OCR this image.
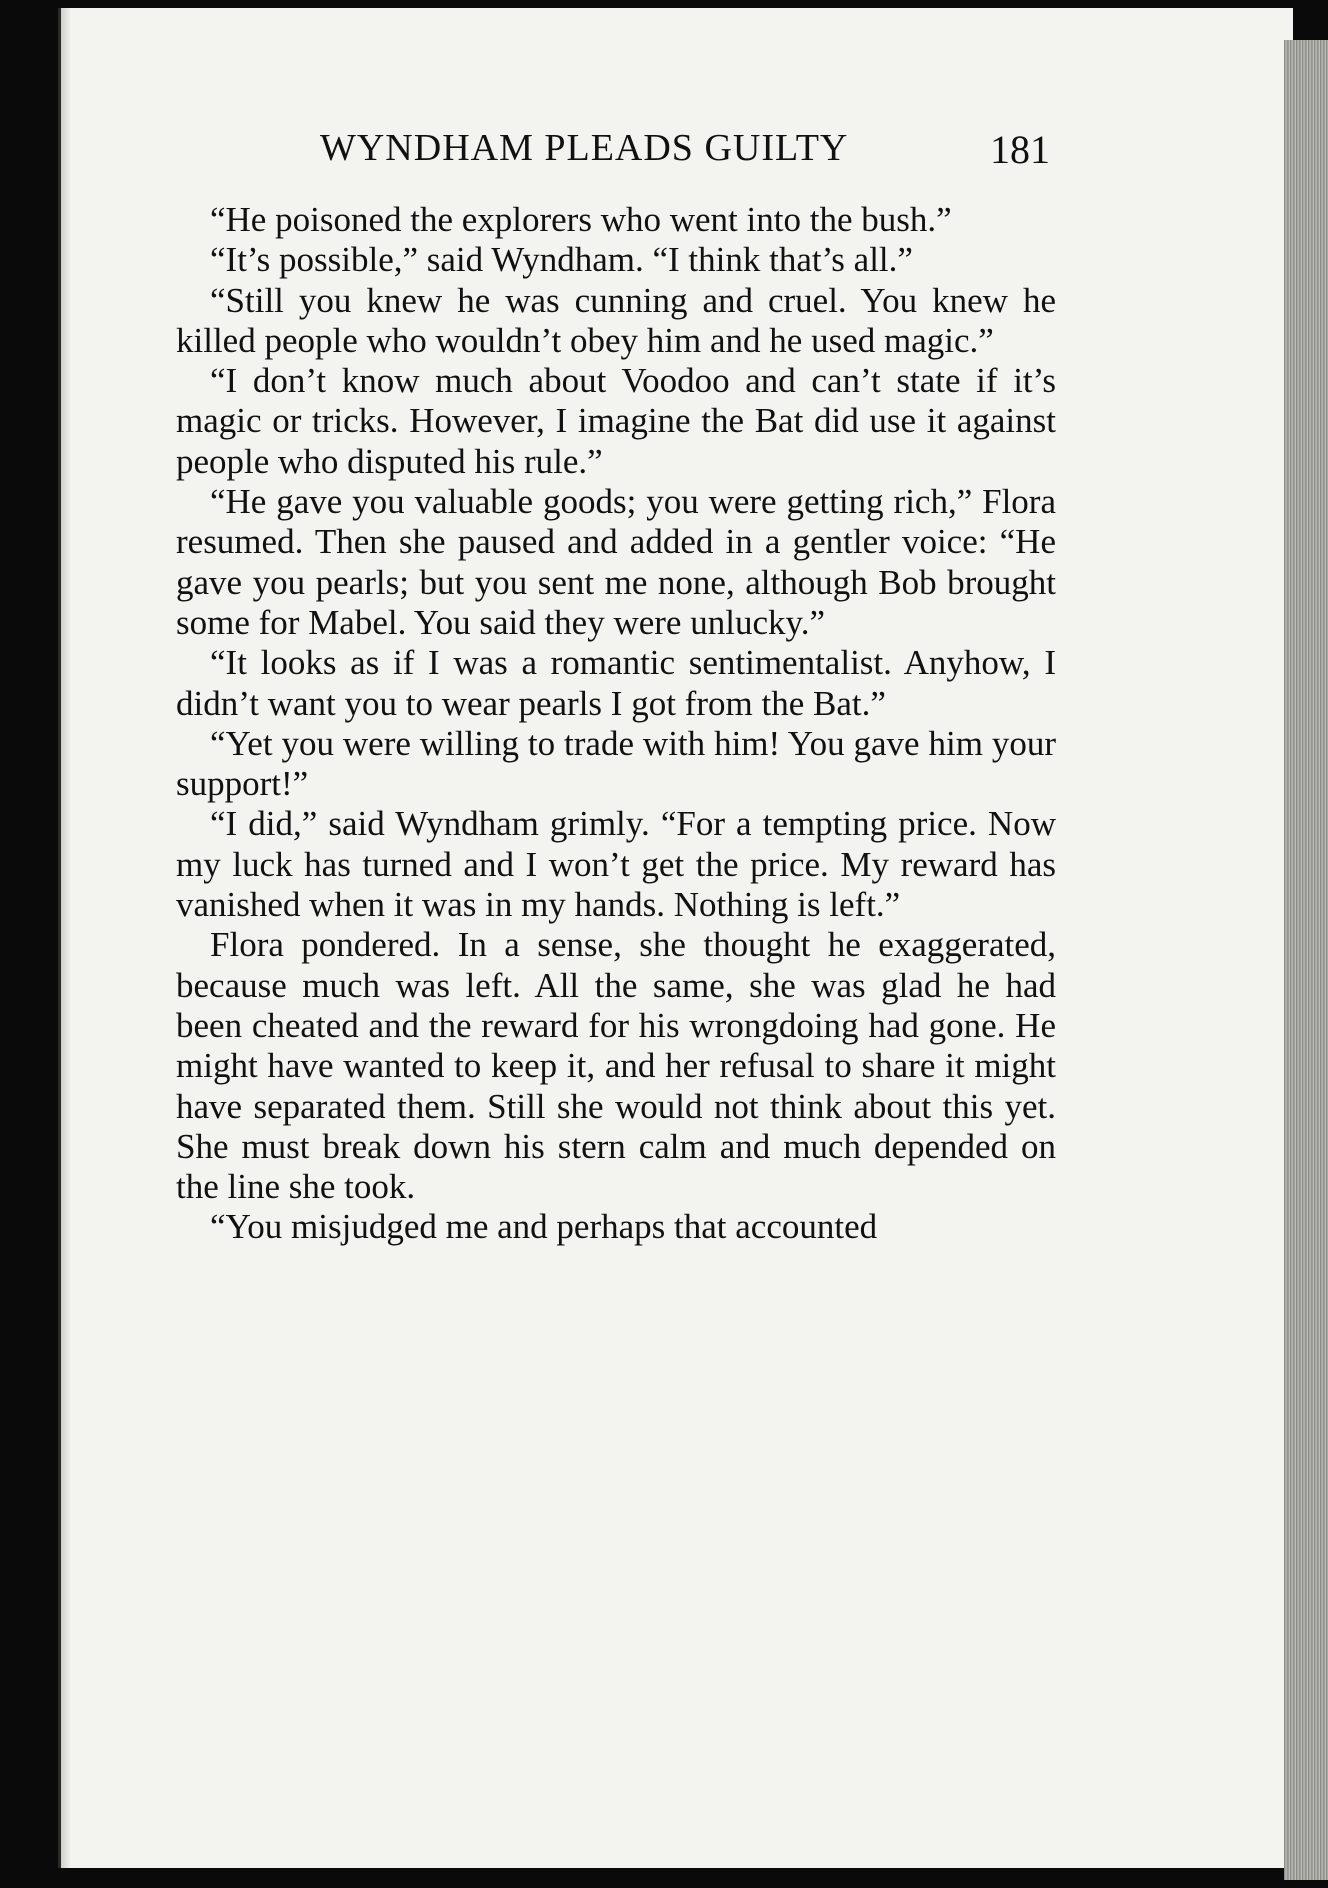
WYNDHAM PLEADS GUILTY	181

“He poisoned the explorers who went into the bush.”

“It’s possible,” said Wyndham. “I think that’s all.”

“Still you knew he was cunning and cruel. You knew he killed people who wouldn’t obey him and he used magic.”

“I don’t know much about Voodoo and can’t state if it’s magic or tricks. However, I imagine the Bat did use it against people who disputed his rule.”

“He gave you valuable goods; you were getting rich,” Flora resumed. Then she paused and added in a gentler voice: “He gave you pearls; but you sent me none, although Bob brought some for Mabel. You said they were unlucky.”

“It looks as if I was a romantic sentimentalist. Anyhow, I didn’t want you to wear pearls I got from the Bat.”

“Yet you were willing to trade with him! You gave him your support!”

“I did,” said Wyndham grimly. “For a tempting price. Now my luck has turned and I won’t get the price. My reward has vanished when it was in my hands. Nothing is left.”

Flora pondered. In a sense, she thought he exaggerated, because much was left. All the same, she was glad he had been cheated and the reward for his wrongdoing had gone. He might have wanted to keep it, and her refusal to share it might have separated them. Still she would not think about this yet. She must break down his stern calm and much depended on the line she took.

“You misjudged me and perhaps that accounted
